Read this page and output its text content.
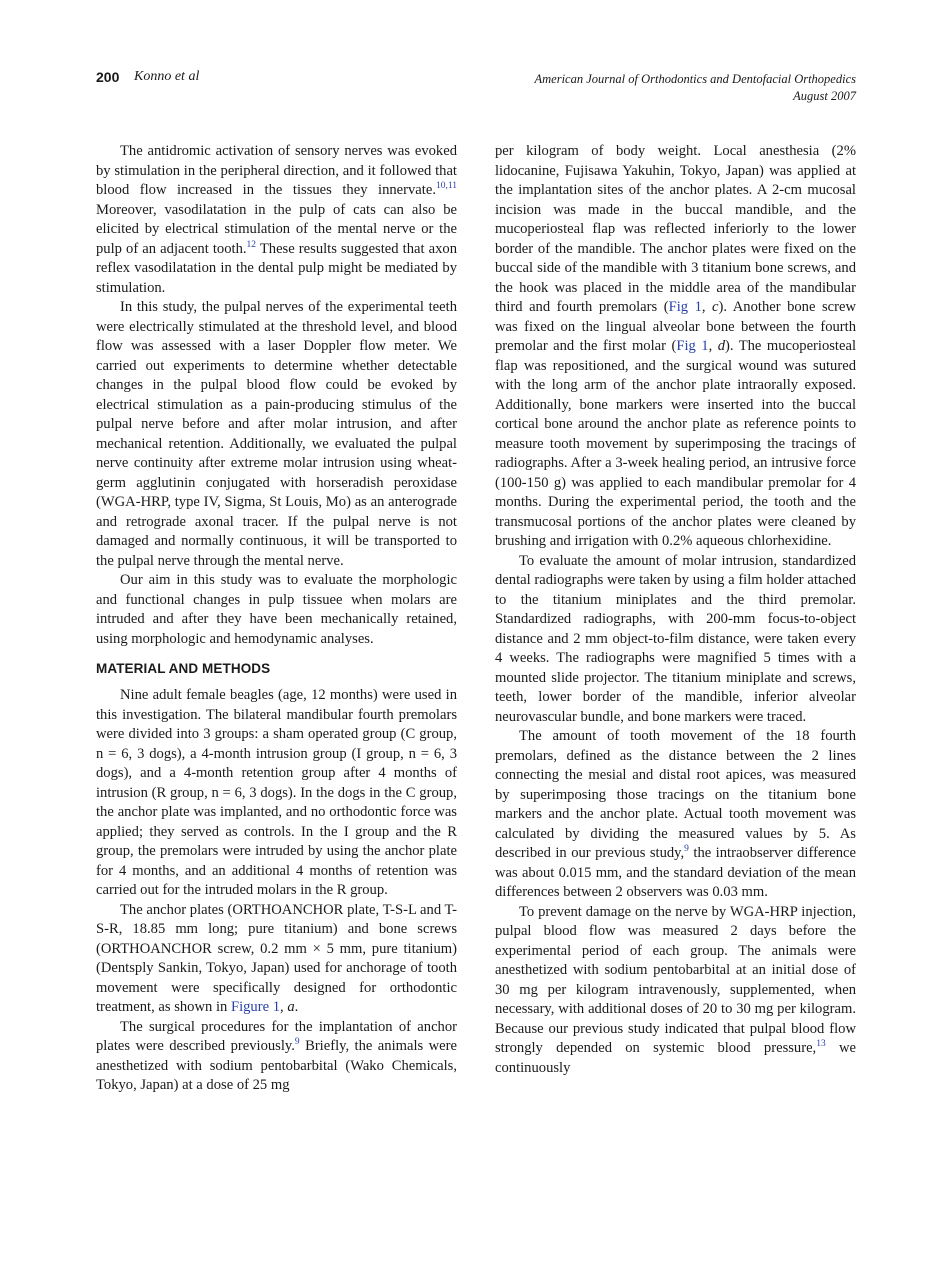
200 Konno et al	American Journal of Orthodontics and Dentofacial Orthopedics
August 2007

The antidromic activation of sensory nerves was evoked by stimulation in the peripheral direction, and it followed that blood flow increased in the tissues they innervate.$^{10,11}$ Moreover, vasodilatation in the pulp of cats can also be elicited by electrical stimulation of the mental nerve or the pulp of an adjacent tooth.$^{12}$ These results suggested that axon reflex vasodilatation in the dental pulp might be mediated by stimulation.

In this study, the pulpal nerves of the experimental teeth were electrically stimulated at the threshold level, and blood flow was assessed with a laser Doppler flow meter. We carried out experiments to determine whether detectable changes in the pulpal blood flow could be evoked by electrical stimulation as a pain-producing stimulus of the pulpal nerve before and after molar intrusion, and after mechanical retention. Additionally, we evaluated the pulpal nerve continuity after extreme molar intrusion using wheat-germ agglutinin conjugated with horseradish peroxidase (WGA-HRP, type IV, Sigma, St Louis, Mo) as an anterograde and retrograde axonal tracer. If the pulpal nerve is not damaged and normally continuous, it will be transported to the pulpal nerve through the mental nerve.

Our aim in this study was to evaluate the morphologic and functional changes in pulp tissuee when molars are intruded and after they have been mechanically retained, using morphologic and hemodynamic analyses.

MATERIAL AND METHODS

Nine adult female beagles (age, 12 months) were used in this investigation. The bilateral mandibular fourth premolars were divided into 3 groups: a sham operated group (C group, n = 6, 3 dogs), a 4-month intrusion group (I group, n = 6, 3 dogs), and a 4-month retention group after 4 months of intrusion (R group, n = 6, 3 dogs). In the dogs in the C group, the anchor plate was implanted, and no orthodontic force was applied; they served as controls. In the I group and the R group, the premolars were intruded by using the anchor plate for 4 months, and an additional 4 months of retention was carried out for the intruded molars in the R group.

The anchor plates (ORTHOANCHOR plate, T-S-L and T-S-R, 18.85 mm long; pure titanium) and bone screws (ORTHOANCHOR screw, 0.2 mm × 5 mm, pure titanium) (Dentsply Sankin, Tokyo, Japan) used for anchorage of tooth movement were specifically designed for orthodontic treatment, as shown in Figure 1, a.

The surgical procedures for the implantation of anchor plates were described previously.$^9$ Briefly, the animals were anesthetized with sodium pentobarbital (Wako Chemicals, Tokyo, Japan) at a dose of 25 mg

per kilogram of body weight. Local anesthesia (2% lidocanine, Fujisawa Yakuhin, Tokyo, Japan) was applied at the implantation sites of the anchor plates. A 2-cm mucosal incision was made in the buccal mandible, and the mucoperiosteal flap was reflected inferiorly to the lower border of the mandible. The anchor plates were fixed on the buccal side of the mandible with 3 titanium bone screws, and the hook was placed in the middle area of the mandibular third and fourth premolars (Fig 1, c). Another bone screw was fixed on the lingual alveolar bone between the fourth premolar and the first molar (Fig 1, d). The mucoperiosteal flap was repositioned, and the surgical wound was sutured with the long arm of the anchor plate intraorally exposed. Additionally, bone markers were inserted into the buccal cortical bone around the anchor plate as reference points to measure tooth movement by superimposing the tracings of radiographs. After a 3-week healing period, an intrusive force (100-150 g) was applied to each mandibular premolar for 4 months. During the experimental period, the tooth and the transmucosal portions of the anchor plates were cleaned by brushing and irrigation with 0.2% aqueous chlorhexidine.

To evaluate the amount of molar intrusion, standardized dental radiographs were taken by using a film holder attached to the titanium miniplates and the third premolar. Standardized radiographs, with 200-mm focus-to-object distance and 2 mm object-to-film distance, were taken every 4 weeks. The radiographs were magnified 5 times with a mounted slide projector. The titanium miniplate and screws, teeth, lower border of the mandible, inferior alveolar neurovascular bundle, and bone markers were traced.

The amount of tooth movement of the 18 fourth premolars, defined as the distance between the 2 lines connecting the mesial and distal root apices, was measured by superimposing those tracings on the titanium bone markers and the anchor plate. Actual tooth movement was calculated by dividing the measured values by 5. As described in our previous study,$^9$ the intraobserver difference was about 0.015 mm, and the standard deviation of the mean differences between 2 observers was 0.03 mm.

To prevent damage on the nerve by WGA-HRP injection, pulpal blood flow was measured 2 days before the experimental period of each group. The animals were anesthetized with sodium pentobarbital at an initial dose of 30 mg per kilogram intravenously, supplemented, when necessary, with additional doses of 20 to 30 mg per kilogram. Because our previous study indicated that pulpal blood flow strongly depended on systemic blood pressure,$^{13}$ we continuously
